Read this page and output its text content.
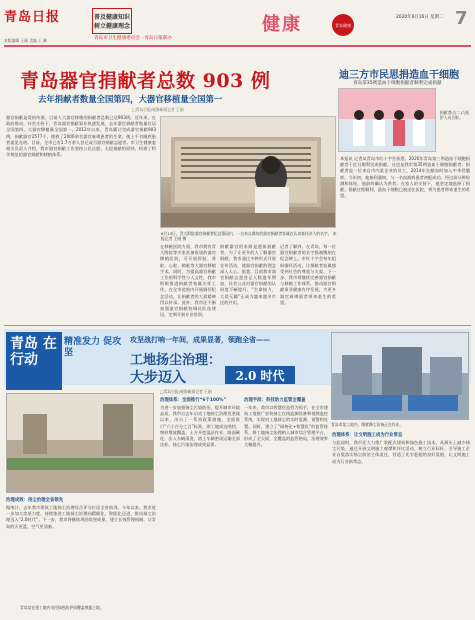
青岛日报	普及健康知识
树立健康理念
青岛市卫生健康委员会 · 青岛日报联办
健康	青岛健康
2020年6月16日 星期二 7
本版编辑 王刚 美编 王 琳
青岛器官捐献者总数 903 例
去年捐献者数量全国第四，大器官移植量全国第一
□青岛日报/观海新闻记者 王刚
器官捐献是爱的传递。目前人大器官移植的捐献者总数已达903例。近年来，在政府推动、社会支持下，青岛器官捐献事业快速发展。去年器官捐献者数量位居全国第四，大器官移植量全国第一。2012年以来，青岛累计完成器官捐献903例，捐献器官2577个，挽救了2000余名器官衰竭患者的生命，使上千名眼疾患者重见光明。目前，全市已有1.7万余人登记成为器官捐献志愿者。市卫生健康委相关负责人介绍，我市器官捐献工作坚持公民自愿、无偿捐献的原则，构建了科学规范的器官捐献和移植体系。
6月13日，青大附院器官捐献者纪念墓园内，一位来自潍坊的器官捐献者家属在认真查找亲人的名字。 本报记者 王刚 摄
在移植医院方面，我市拥有青大附院等多家具备资质的器官移植医院，可开展肝脏、肾脏、心脏、肺脏等大器官移植手术。同时，为提高器官捐献工作的科学性与人文性，我市积极推进捐献者家属关怀工作，在全市范围内开展缅怀纪念活动，让捐献者的大爱精神得以传承。此外，我市还不断加强器官捐献协调员队伍建设，定期开展专业培训。
捐献器官的来源是遗体捐献者，为了让更多的人了解器官捐献，我市通过多种形式开展宣传活动，使器官捐献的理念深入人心。据悉，目前我市器官捐献志愿登记人数逐年增加，社会公众对器官捐献的认同度不断提升。“生命接力，大爱无疆”正成为越来越多市民的共识。
记者了解到，在青岛，每一位器官捐献者的名字都被镌刻在纪念碑上。市红十字会每年组织缅怀活动，让捐献者家属感受到社会的尊重与关爱。下一步，我市将继续完善器官捐献与移植工作体系，推动器官捐献事业健康有序发展，为更多器官衰竭患者带来重生的希望。
迪三方市民思捐造血干细胞
青岛第35例造血干细胞捐献者顺利完成捐献
捐献者(右二)与医护人员合影。
本报讯 记者从青岛市红十字会获悉，2020年青岛第三例造血干细胞捐献者于近日顺利完成捐献。这也是我市第35例造血干细胞捐献者。捐献者是一位来自市内某企业的员工，2014年在献血时加入中华骨髓库。今年初，他接到通知，与一名血液病患者初配成功。经过高分辨检测和体检，他最终确认为供者。在家人的支持下，他坚定地选择了捐献。捐献过程顺利，造血干细胞已被送往医院，将为患者带来重生的希望。
青岛 在行动
精准发力 促攻坚
攻坚战打响一年间，成果显著，领跑全省——
工地扬尘治理：
大步迈入	2.0 时代
青岛市某工地内，喷雾降尘设备正在作业。
□青岛日报/观海新闻记者 王刚
青岛某在建工地内采用绿色防护网覆盖裸露土地。
治理体系：全面推行“6个100%”
为进一步加强扬尘污染防治，提升城市环境品质，我市自去年启动工地扬尘治理攻坚战以来，出台了一系列政策措施，全面推行“六个百分之百”标准，即工地周边围挡、物料堆放覆盖、土方开挖湿法作业、路面硬化、出入车辆清洗、渣土车辆密闭运输全部达标，扬尘污染治理成效显著。
治理手段：科技助力监管全覆盖
一年来，我市以智慧化监管为抓手，在全市建筑工地推广安装扬尘在线监测设备和视频监控系统，实现对工地扬尘的实时监测、预警和处置。同时，建立了“网格化+智慧化”的监管体系，将工地扬尘治理纳入城市综合管理平台，形成了全天候、全覆盖的监管格局，治理效率大幅提升。
治理体系：让文明施工成为行业常态
与此同时，我市还大力推广装配式建筑和绿色施工技术，从源头上减少扬尘污染。通过开展文明施工观摩和评比活动，树立行业标杆，引导施工企业自觉落实扬尘防治主体责任，营造了比学赶超的良好氛围，让文明施工成为行业新常态。
治理成效：扬尘治理全省领先
据统计，去年我市建筑工地扬尘治理综合评分位居全省前列。今年以来，我市进一步加大攻坚力度，持续推进工地扬尘治理向精细化、智能化迈进，推动扬尘治理迈入“2.0时代”。下一步，我市将继续巩固攻坚成果，建立长效管理机制，让青岛的天更蓝、空气更清新。
